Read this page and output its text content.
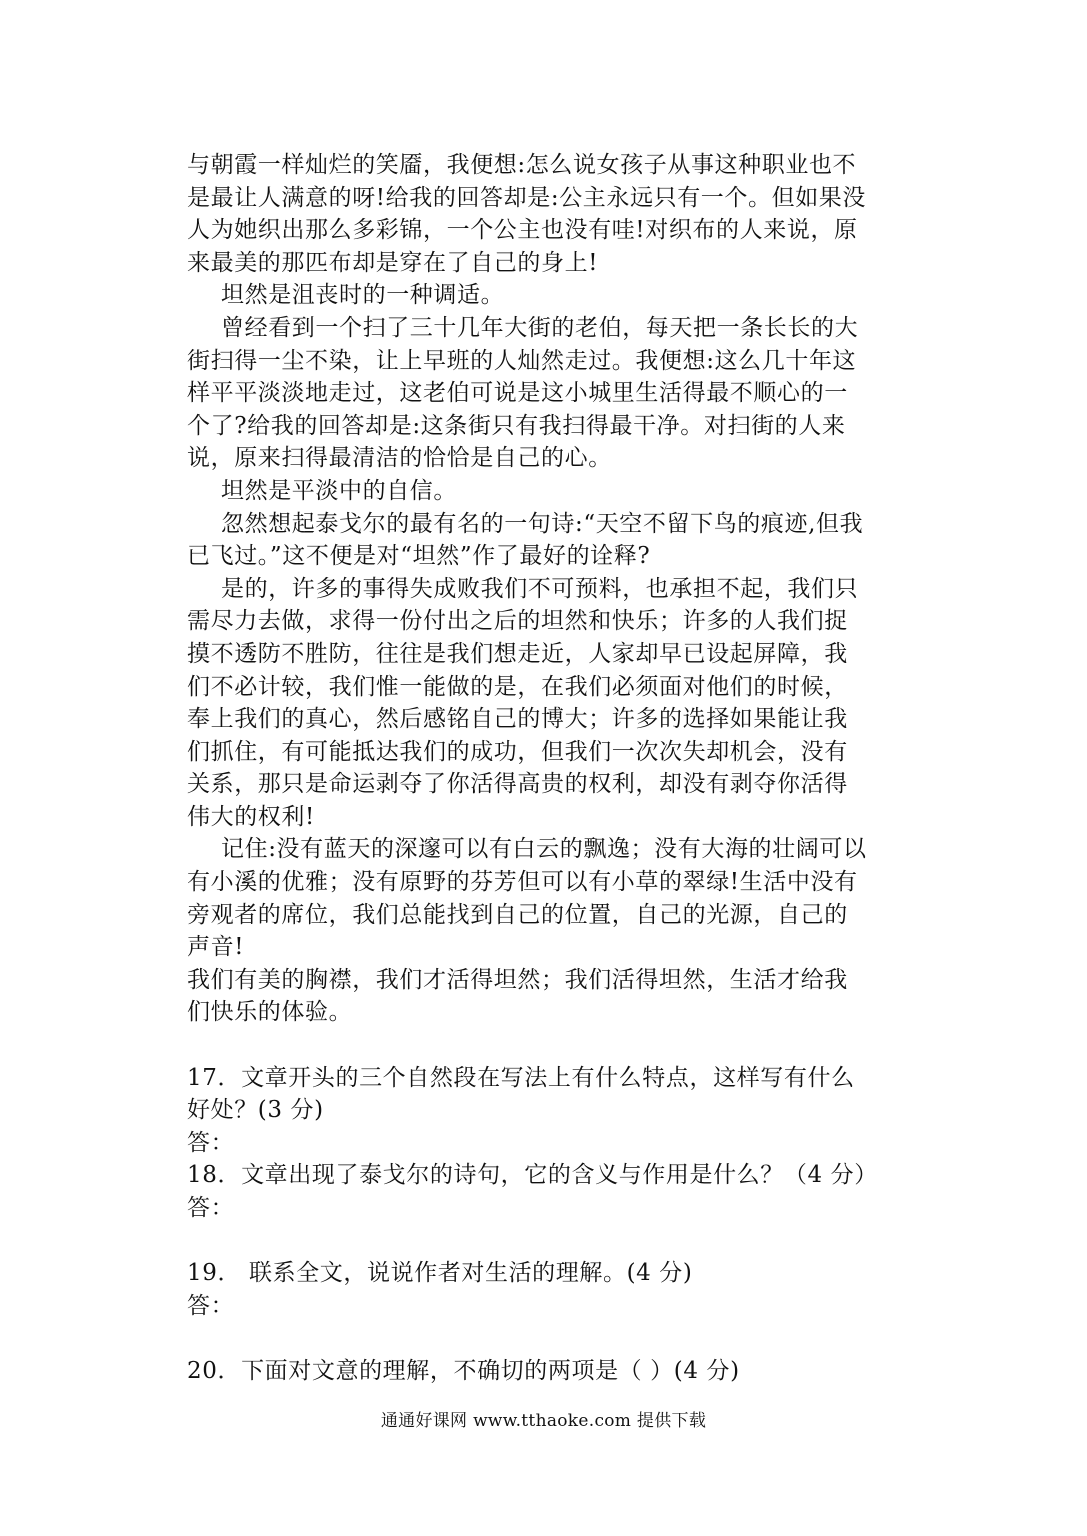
与朝霞一样灿烂的笑靥，我便想:怎么说女孩子从事这种职业也不
是最让人满意的呀!给我的回答却是:公主永远只有一个。但如果没
人为她织出那么多彩锦，一个公主也没有哇!对织布的人来说，原
来最美的那匹布却是穿在了自己的身上!
坦然是沮丧时的一种调适。
曾经看到一个扫了三十几年大街的老伯，每天把一条长长的大
街扫得一尘不染，让上早班的人灿然走过。我便想:这么几十年这
样平平淡淡地走过，这老伯可说是这小城里生活得最不顺心的一
个了?给我的回答却是:这条街只有我扫得最干净。对扫街的人来
说，原来扫得最清洁的恰恰是自己的心。
坦然是平淡中的自信。
忽然想起泰戈尔的最有名的一句诗:“天空不留下鸟的痕迹,但我
已飞过。”这不便是对“坦然”作了最好的诠释?
是的，许多的事得失成败我们不可预料，也承担不起，我们只
需尽力去做，求得一份付出之后的坦然和快乐；许多的人我们捉
摸不透防不胜防，往往是我们想走近，人家却早已设起屏障，我
们不必计较，我们惟一能做的是，在我们必须面对他们的时候，
奉上我们的真心，然后感铭自己的博大；许多的选择如果能让我
们抓住，有可能抵达我们的成功，但我们一次次失却机会，没有
关系，那只是命运剥夺了你活得高贵的权利，却没有剥夺你活得
伟大的权利!
记住:没有蓝天的深邃可以有白云的飘逸；没有大海的壮阔可以
有小溪的优雅；没有原野的芬芳但可以有小草的翠绿!生活中没有
旁观者的席位，我们总能找到自己的位置，自己的光源，自己的
声音!
我们有美的胸襟，我们才活得坦然；我们活得坦然，生活才给我
们快乐的体验。
17．文章开头的三个自然段在写法上有什么特点，这样写有什么
好处？(3 分)
答：
18．文章出现了泰戈尔的诗句，它的含义与作用是什么？（4 分）
答：
19． 联系全文，说说作者对生活的理解。(4 分)
答：
20．下面对文意的理解，不确切的两项是（ ）(4 分)
通通好课网 www.tthaoke.com 提供下载
